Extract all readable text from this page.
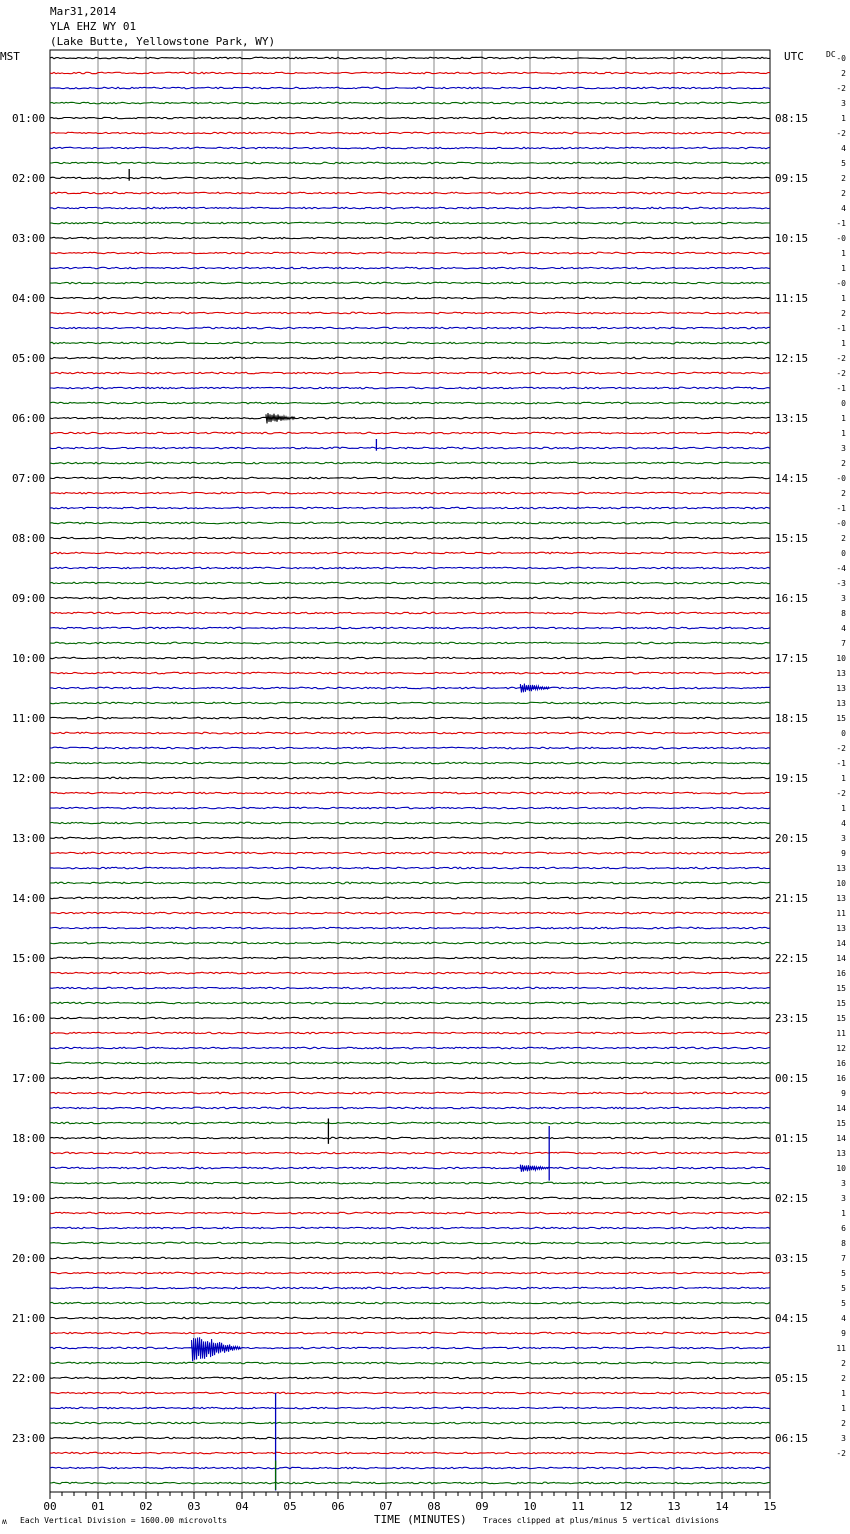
Mar31,2014
YLA EHZ WY 01
(Lake Butte, Yellowstone Park, WY)
01:00
02:00
03:00
04:00
05:00
06:00
07:00
08:00
09:00
10:00
11:00
12:00
13:00
14:00
15:00
16:00
17:00
18:00
19:00
20:00
21:00
22:00
23:00
08:15
09:15
10:15
11:15
12:15
13:15
14:15
15:15
16:15
17:15
18:15
19:15
20:15
21:15
22:15
23:15
00:15
01:15
02:15
03:15
04:15
05:15
06:15
-0
2
-2
3
1
-2
4
5
2
2
4
-1
-0
1
1
-0
1
2
-1
1
-2
-2
-1
0
1
1
3
2
-0
2
-1
-0
2
0
-4
-3
3
8
4
7
10
13
13
13
15
0
-2
-1
1
-2
1
4
3
9
13
10
13
11
13
14
14
16
15
15
15
11
12
16
16
9
14
15
14
13
10
3
3
1
6
8
7
5
5
5
4
9
11
2
2
1
1
2
3
-2
00	01	02	03	04	05	06	07	08	09	10	11	12	13	14	15
MST	UTC	DC
ʍ Each Vertical Division = 1600.00 microvolts	TIME (MINUTES) Traces clipped at plus/minus 5 vertical divisions
